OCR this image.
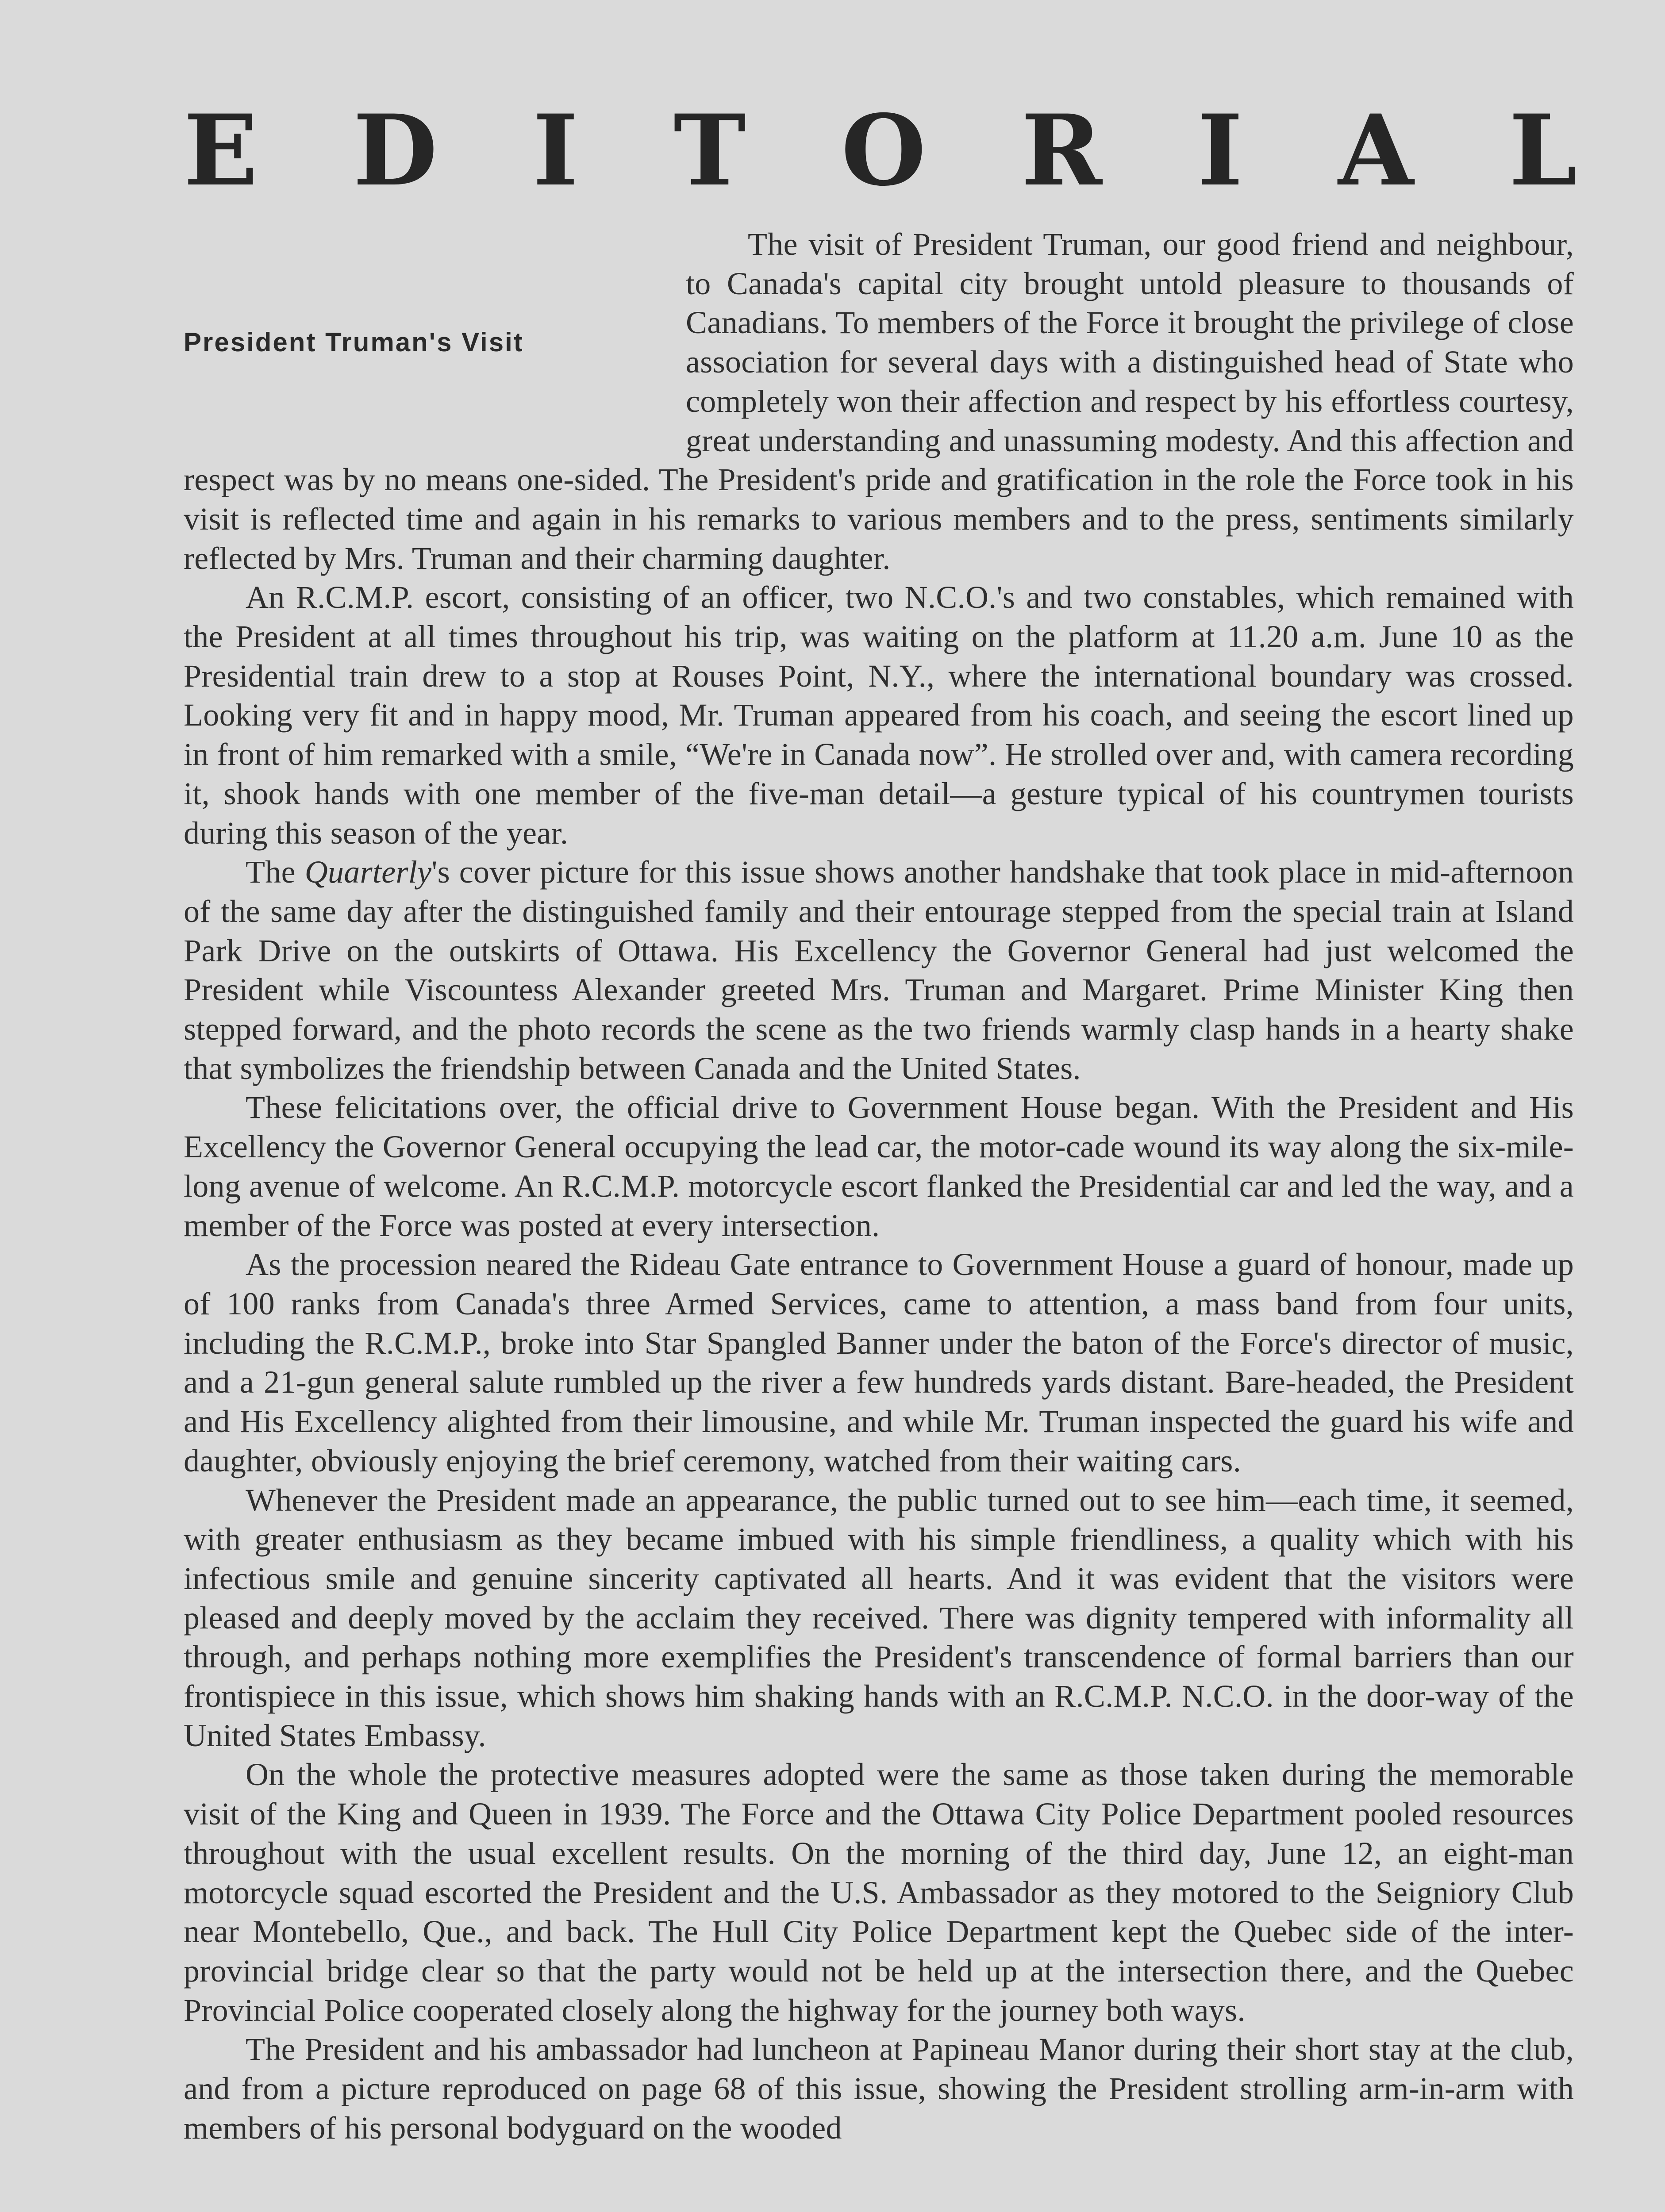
E D I T O R I A L
President Truman's Visit

The visit of President Truman, our good friend and neighbour, to Canada's capital city brought untold pleasure to thousands of Canadians. To members of the Force it brought the privilege of close association for several days with a distinguished head of State who completely won their affection and respect by his effortless courtesy, great understanding and unassuming modesty. And this affection and respect was by no means one-sided. The President's pride and gratification in the role the Force took in his visit is reflected time and again in his remarks to various members and to the press, sentiments similarly reflected by Mrs. Truman and their charming daughter.

An R.C.M.P. escort, consisting of an officer, two N.C.O.'s and two constables, which remained with the President at all times throughout his trip, was waiting on the platform at 11.20 a.m. June 10 as the Presidential train drew to a stop at Rouses Point, N.Y., where the international boundary was crossed. Looking very fit and in happy mood, Mr. Truman appeared from his coach, and seeing the escort lined up in front of him remarked with a smile, “We're in Canada now”. He strolled over and, with camera recording it, shook hands with one member of the five-man detail—a gesture typical of his countrymen tourists during this season of the year.

The Quarterly's cover picture for this issue shows another handshake that took place in mid-afternoon of the same day after the distinguished family and their entourage stepped from the special train at Island Park Drive on the outskirts of Ottawa. His Excellency the Governor General had just welcomed the President while Viscountess Alexander greeted Mrs. Truman and Margaret. Prime Minister King then stepped forward, and the photo records the scene as the two friends warmly clasp hands in a hearty shake that symbolizes the friendship between Canada and the United States.

These felicitations over, the official drive to Government House began. With the President and His Excellency the Governor General occupying the lead car, the motor-cade wound its way along the six-mile-long avenue of welcome. An R.C.M.P. motorcycle escort flanked the Presidential car and led the way, and a member of the Force was posted at every intersection.

As the procession neared the Rideau Gate entrance to Government House a guard of honour, made up of 100 ranks from Canada's three Armed Services, came to attention, a mass band from four units, including the R.C.M.P., broke into Star Spangled Banner under the baton of the Force's director of music, and a 21-gun general salute rumbled up the river a few hundreds yards distant. Bare-headed, the President and His Excellency alighted from their limousine, and while Mr. Truman inspected the guard his wife and daughter, obviously enjoying the brief ceremony, watched from their waiting cars.

Whenever the President made an appearance, the public turned out to see him—each time, it seemed, with greater enthusiasm as they became imbued with his simple friendliness, a quality which with his infectious smile and genuine sincerity captivated all hearts. And it was evident that the visitors were pleased and deeply moved by the acclaim they received. There was dignity tempered with informality all through, and perhaps nothing more exemplifies the President's transcendence of formal barriers than our frontispiece in this issue, which shows him shaking hands with an R.C.M.P. N.C.O. in the door-way of the United States Embassy.

On the whole the protective measures adopted were the same as those taken during the memorable visit of the King and Queen in 1939. The Force and the Ottawa City Police Department pooled resources throughout with the usual excellent results. On the morning of the third day, June 12, an eight-man motorcycle squad escorted the President and the U.S. Ambassador as they motored to the Seigniory Club near Montebello, Que., and back. The Hull City Police Department kept the Quebec side of the inter-provincial bridge clear so that the party would not be held up at the intersection there, and the Quebec Provincial Police cooperated closely along the highway for the journey both ways.

The President and his ambassador had luncheon at Papineau Manor during their short stay at the club, and from a picture reproduced on page 68 of this issue, showing the President strolling arm-in-arm with members of his personal bodyguard on the wooded
